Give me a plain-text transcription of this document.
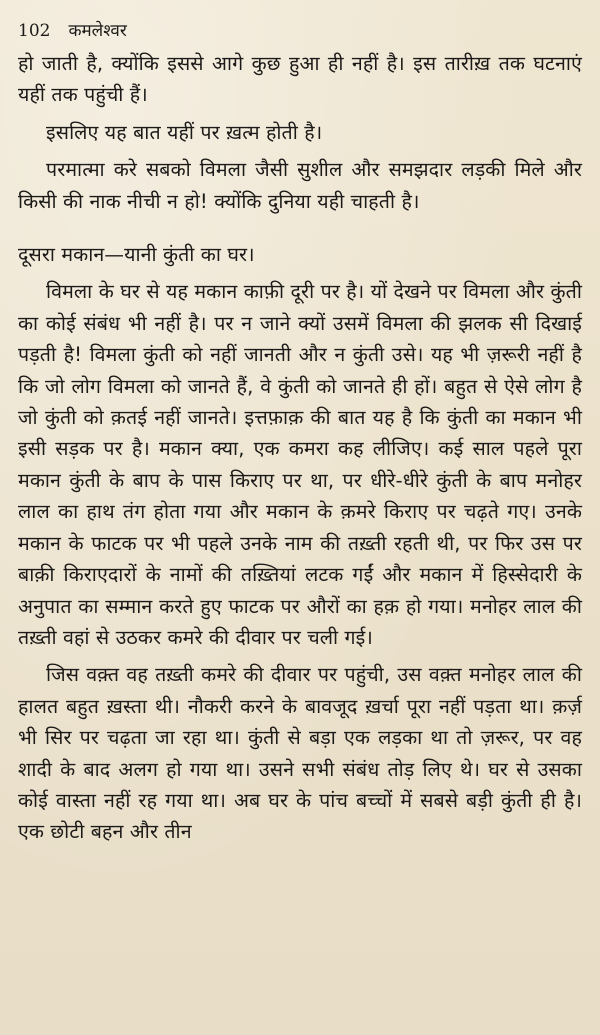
102 कमलेश्वर

हो जाती है, क्योंकि इससे आगे कुछ हुआ ही नहीं है। इस तारीख़ तक घटनाएं यहीं तक पहुंची हैं।

इसलिए यह बात यहीं पर ख़त्म होती है।

परमात्मा करे सबको विमला जैसी सुशील और समझदार लड़की मिले और किसी की नाक नीची न हो! क्योंकि दुनिया यही चाहती है।

दूसरा मकान—यानी कुंती का घर।

विमला के घर से यह मकान काफ़ी दूरी पर है। यों देखने पर विमला और कुंती का कोई संबंध भी नहीं है। पर न जाने क्यों उसमें विमला की झलक सी दिखाई पड़ती है! विमला कुंती को नहीं जानती और न कुंती उसे। यह भी ज़रूरी नहीं है कि जो लोग विमला को जानते हैं, वे कुंती को जानते ही हों। बहुत से ऐसे लोग है जो कुंती को क़तई नहीं जानते। इत्तफ़ाक़ की बात यह है कि कुंती का मकान भी इसी सड़क पर है। मकान क्या, एक कमरा कह लीजिए। कई साल पहले पूरा मकान कुंती के बाप के पास किराए पर था, पर धीरे-धीरे कुंती के बाप मनोहर लाल का हाथ तंग होता गया और मकान के क़मरे किराए पर चढ़ते गए। उनके मकान के फाटक पर भी पहले उनके नाम की तख़्ती रहती थी, पर फिर उस पर बाक़ी किराएदारों के नामों की तख़्तियां लटक गईं और मकान में हिस्सेदारी के अनुपात का सम्मान करते हुए फाटक पर औरों का हक़ हो गया। मनोहर लाल की तख़्ती वहां से उठकर कमरे की दीवार पर चली गई।

जिस वक़्त वह तख़्ती कमरे की दीवार पर पहुंची, उस वक़्त मनोहर लाल की हालत बहुत ख़स्ता थी। नौकरी करने के बावजूद ख़र्चा पूरा नहीं पड़ता था। क़र्ज़ भी सिर पर चढ़ता जा रहा था। कुंती से बड़ा एक लड़का था तो ज़रूर, पर वह शादी के बाद अलग हो गया था। उसने सभी संबंध तोड़ लिए थे। घर से उसका कोई वास्ता नहीं रह गया था। अब घर के पांच बच्चों में सबसे बड़ी कुंती ही है। एक छोटी बहन और तीन
